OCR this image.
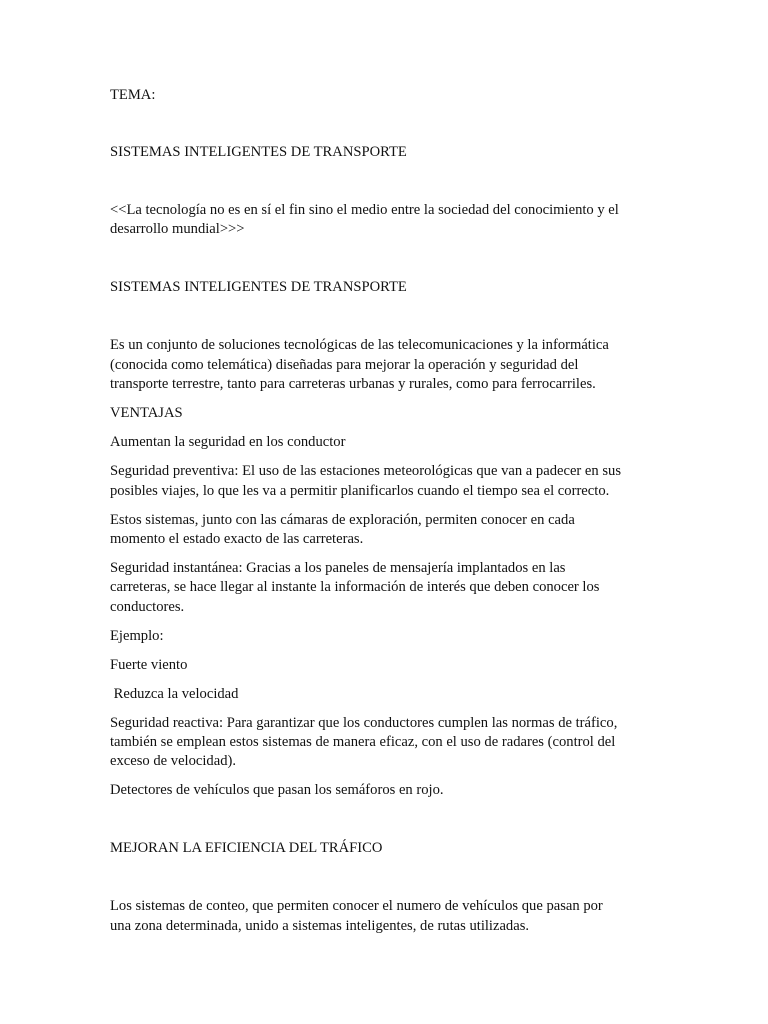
TEMA:

SISTEMAS INTELIGENTES DE TRANSPORTE

<<La tecnología no es en sí el fin sino el medio entre la sociedad del conocimiento y el

desarrollo mundial>>>

SISTEMAS INTELIGENTES DE TRANSPORTE

Es un conjunto de soluciones tecnológicas de las telecomunicaciones y la informática

(conocida como telemática) diseñadas para mejorar la operación y seguridad del

transporte terrestre, tanto para carreteras urbanas y rurales, como para ferrocarriles.

VENTAJAS

Aumentan la seguridad en los conductor

Seguridad preventiva: El uso de las estaciones meteorológicas que van a padecer en sus

posibles viajes, lo que les va a permitir planificarlos cuando el tiempo sea el correcto.

Estos sistemas, junto con las cámaras de exploración, permiten conocer en cada

momento el estado exacto de las carreteras.

Seguridad instantánea: Gracias a los paneles de mensajería implantados en las

carreteras, se hace llegar al instante la información de interés que deben conocer los

conductores.

Ejemplo:

Fuerte viento

Reduzca la velocidad

Seguridad reactiva: Para garantizar que los conductores cumplen las normas de tráfico,

también se emplean estos sistemas de manera eficaz, con el uso de radares (control del

exceso de velocidad).

Detectores de vehículos que pasan los semáforos en rojo.

MEJORAN LA EFICIENCIA DEL TRÁFICO

Los sistemas de conteo, que permiten conocer el numero de vehículos que pasan por

una zona determinada, unido a sistemas inteligentes, de rutas utilizadas.
